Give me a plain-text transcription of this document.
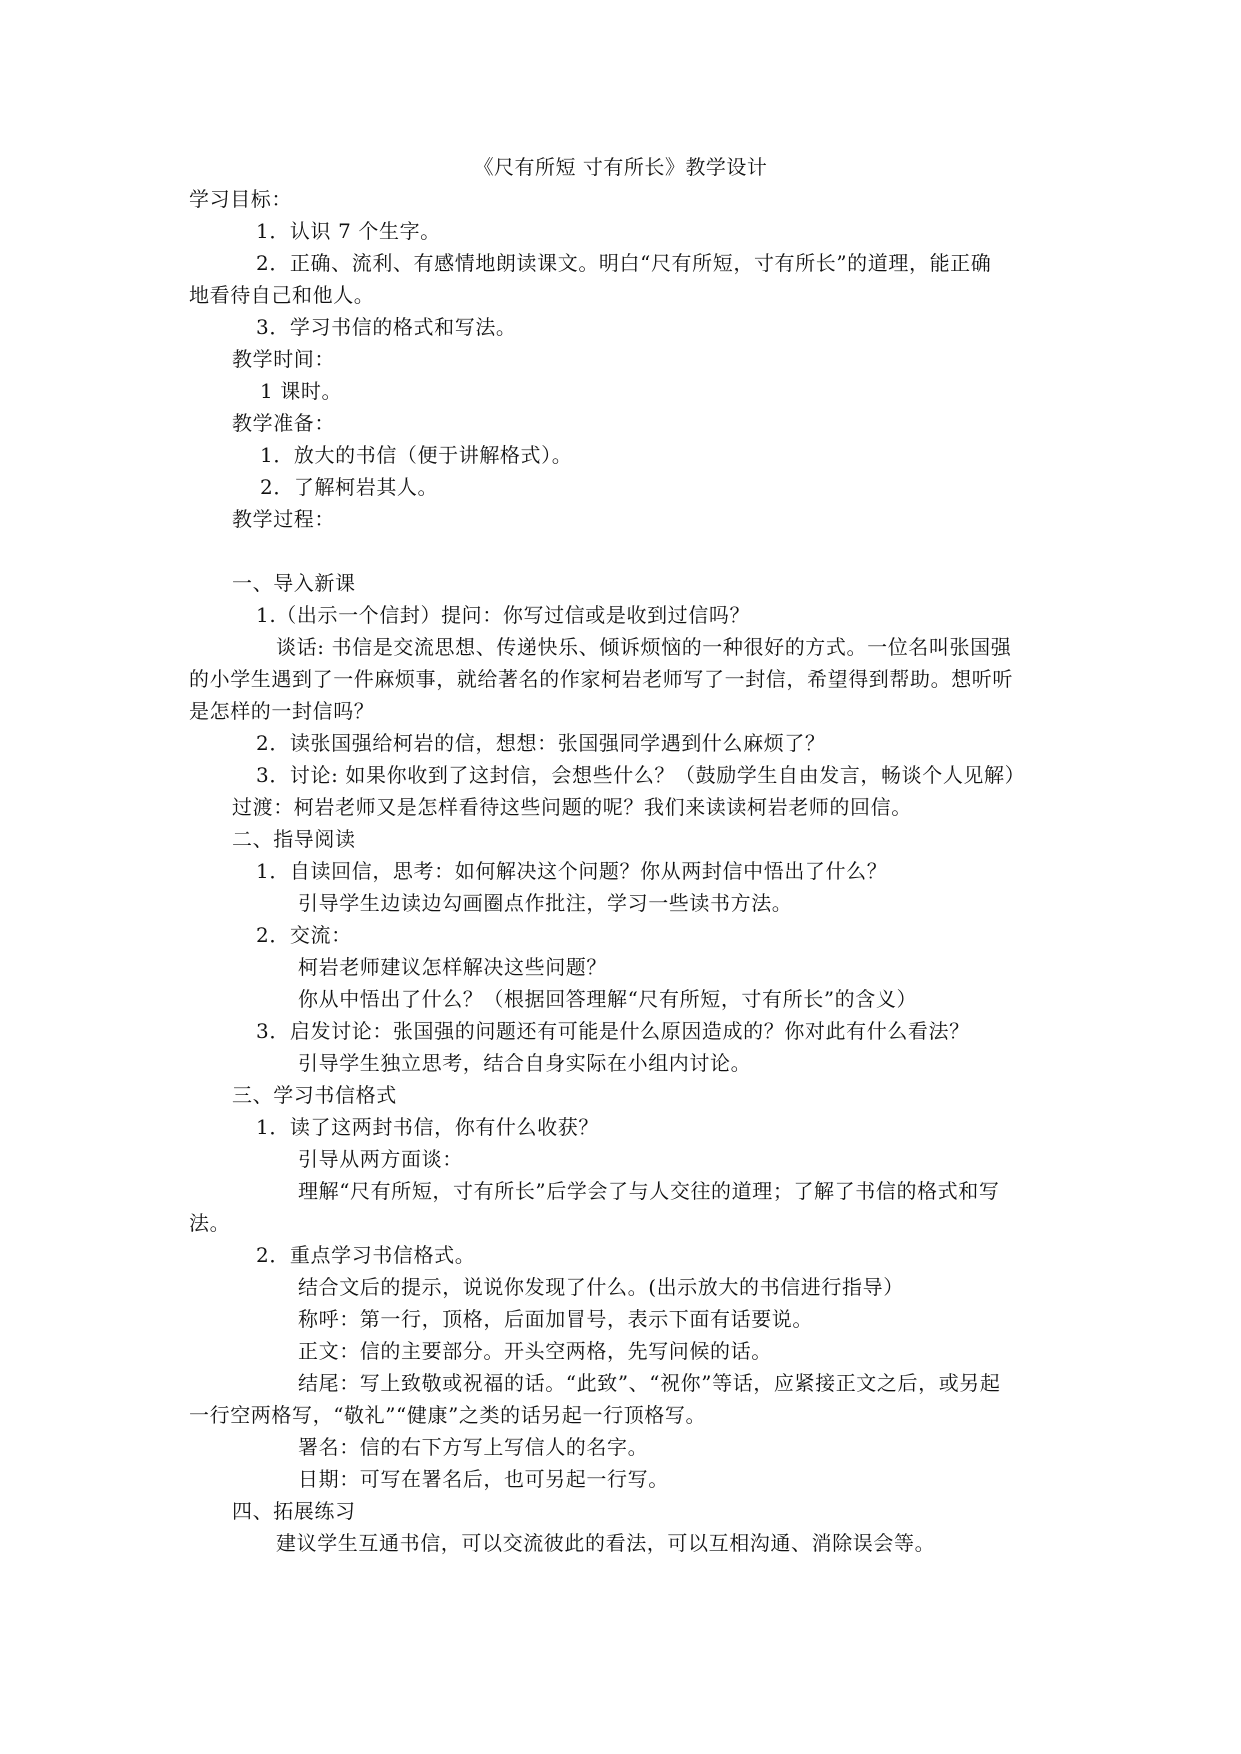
《尺有所短 寸有所长》教学设计
学习目标：
1．认识 7 个生字。
2．正确、流利、有感情地朗读课文。明白“尺有所短，寸有所长”的道理，能正确
地看待自己和他人。
3．学习书信的格式和写法。
教学时间：
1 课时。
教学准备：
1．放大的书信（便于讲解格式）。
2．了解柯岩其人。
教学过程：
一、导入新课
1.（出示一个信封）提问：你写过信或是收到过信吗？
谈话: 书信是交流思想、传递快乐、倾诉烦恼的一种很好的方式。一位名叫张国强
的小学生遇到了一件麻烦事，就给著名的作家柯岩老师写了一封信，希望得到帮助。想听听
是怎样的一封信吗？
2．读张国强给柯岩的信，想想：张国强同学遇到什么麻烦了？
3．讨论: 如果你收到了这封信，会想些什么？（鼓励学生自由发言，畅谈个人见解）
过渡：柯岩老师又是怎样看待这些问题的呢？我们来读读柯岩老师的回信。
二、指导阅读
1．自读回信，思考：如何解决这个问题？你从两封信中悟出了什么？
引导学生边读边勾画圈点作批注，学习一些读书方法。
2．交流：
柯岩老师建议怎样解决这些问题？
你从中悟出了什么？（根据回答理解“尺有所短，寸有所长”的含义）
3．启发讨论：张国强的问题还有可能是什么原因造成的？你对此有什么看法？
引导学生独立思考，结合自身实际在小组内讨论。
三、学习书信格式
1．读了这两封书信，你有什么收获？
引导从两方面谈：
理解“尺有所短，寸有所长”后学会了与人交往的道理；了解了书信的格式和写
法。
2．重点学习书信格式。
结合文后的提示，说说你发现了什么。(出示放大的书信进行指导）
称呼：第一行，顶格，后面加冒号，表示下面有话要说。
正文：信的主要部分。开头空两格，先写问候的话。
结尾：写上致敬或祝福的话。“此致”、“祝你”等话，应紧接正文之后，或另起
一行空两格写，“敬礼”“健康”之类的话另起一行顶格写。
署名：信的右下方写上写信人的名字。
日期：可写在署名后，也可另起一行写。
四、拓展练习
建议学生互通书信，可以交流彼此的看法，可以互相沟通、消除误会等。
